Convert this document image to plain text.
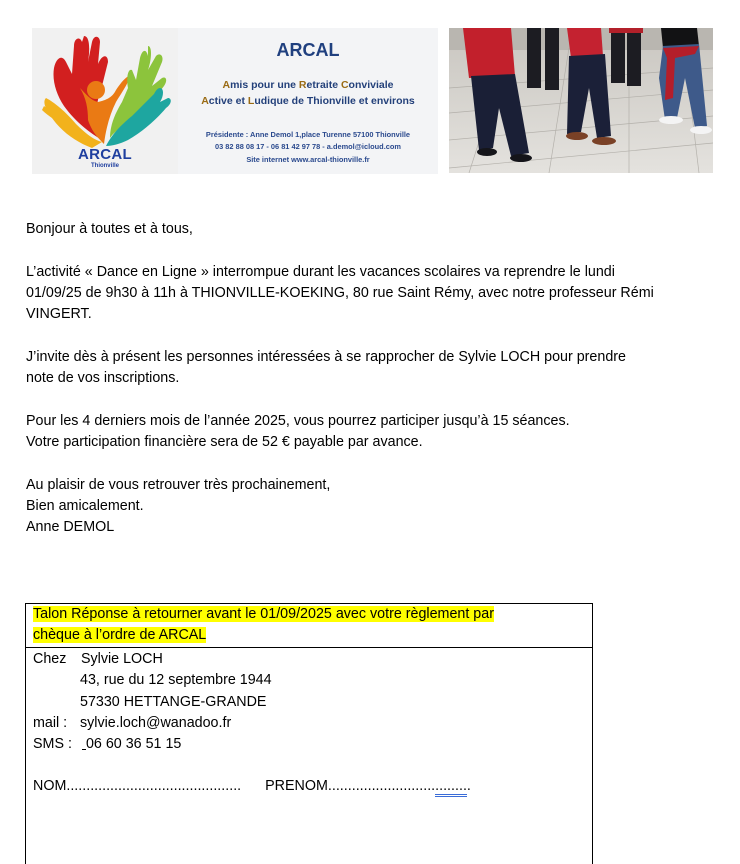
ARCAL
Thionville
ARCAL
Amis pour une Retraite Conviviale
Active et Ludique de Thionville et environs
Présidente : Anne Demol 1,place Turenne 57100 Thionville
03 82 88 08 17 - 06 81 42 97 78 - a.demol@icloud.com
Site internet www.arcal-thionville.fr

Bonjour à toutes et à tous,

L’activité « Dance en Ligne » interrompue durant les vacances scolaires va reprendre le lundi

01/09/25 de 9h30 à 11h à THIONVILLE-KOEKING, 80 rue Saint Rémy, avec notre professeur Rémi

VINGERT.

J’invite dès à présent les personnes intéressées à se rapprocher de Sylvie LOCH pour prendre

note de vos inscriptions.

Pour les 4 derniers mois de l’année 2025, vous pourrez participer jusqu’à 15 séances.

Votre participation financière sera de 52 € payable par avance.

Au plaisir de vous retrouver très prochainement,

Bien amicalement.

Anne DEMOL

Talon Réponse à retourner avant le 01/09/2025 avec votre règlement par
chèque à l’ordre de ARCAL
Chez Sylvie LOCH
43, rue du 12 septembre 1944
57330 HETTANGE-GRANDE
mail : sylvie.loch@wanadoo.fr
SMS : 06 60 36 51 15
NOM............................................ PRENOM....................................
